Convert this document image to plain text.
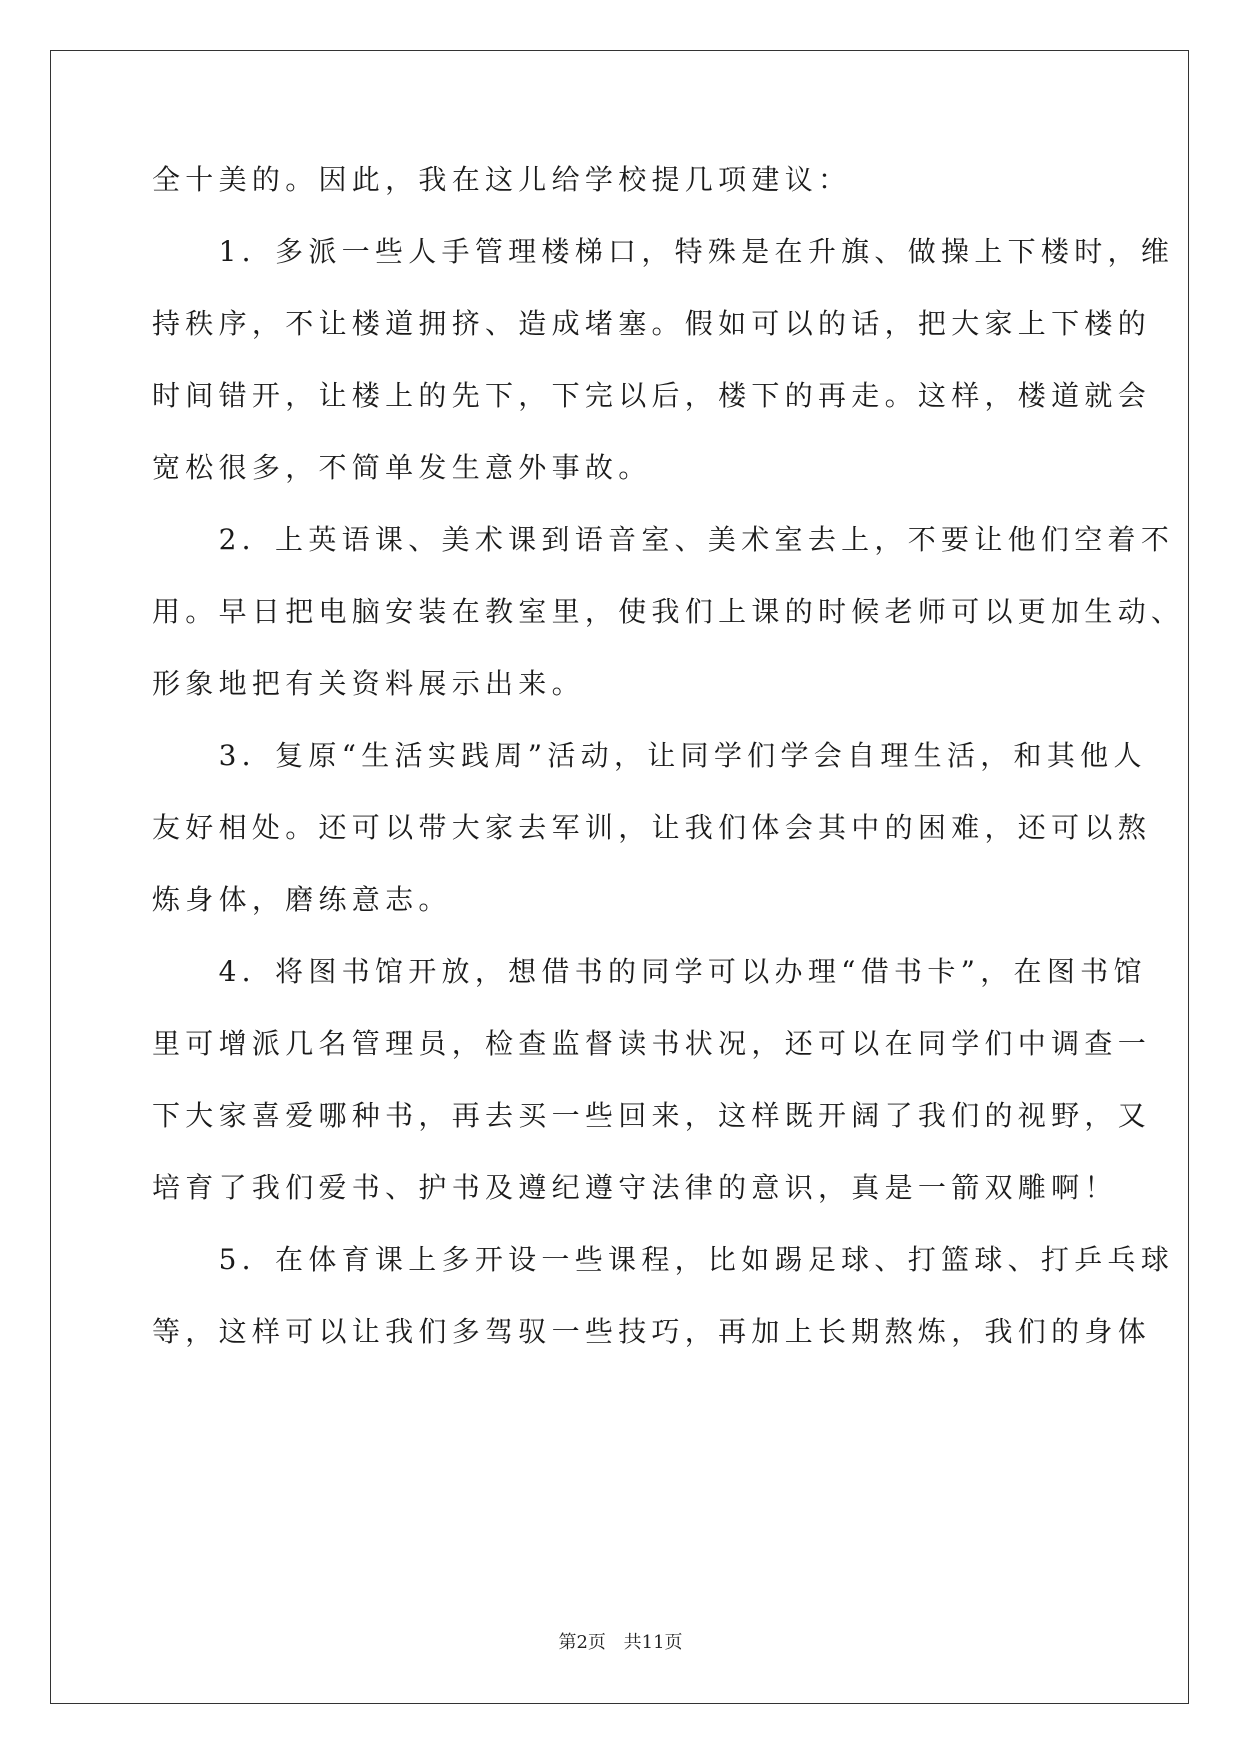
全十美的。因此，我在这儿给学校提几项建议：
　　1．多派一些人手管理楼梯口，特殊是在升旗、做操上下楼时，维
持秩序，不让楼道拥挤、造成堵塞。假如可以的话，把大家上下楼的
时间错开，让楼上的先下，下完以后，楼下的再走。这样，楼道就会
宽松很多，不简单发生意外事故。
　　2．上英语课、美术课到语音室、美术室去上，不要让他们空着不
用。早日把电脑安装在教室里，使我们上课的时候老师可以更加生动、
形象地把有关资料展示出来。
　　3．复原“生活实践周”活动，让同学们学会自理生活，和其他人
友好相处。还可以带大家去军训，让我们体会其中的困难，还可以熬
炼身体，磨练意志。
　　4．将图书馆开放，想借书的同学可以办理“借书卡”，在图书馆
里可增派几名管理员，检查监督读书状况，还可以在同学们中调查一
下大家喜爱哪种书，再去买一些回来，这样既开阔了我们的视野，又
培育了我们爱书、护书及遵纪遵守法律的意识，真是一箭双雕啊！
　　5．在体育课上多开设一些课程，比如踢足球、打篮球、打乒乓球
等，这样可以让我们多驾驭一些技巧，再加上长期熬炼，我们的身体
第2页 共11页
